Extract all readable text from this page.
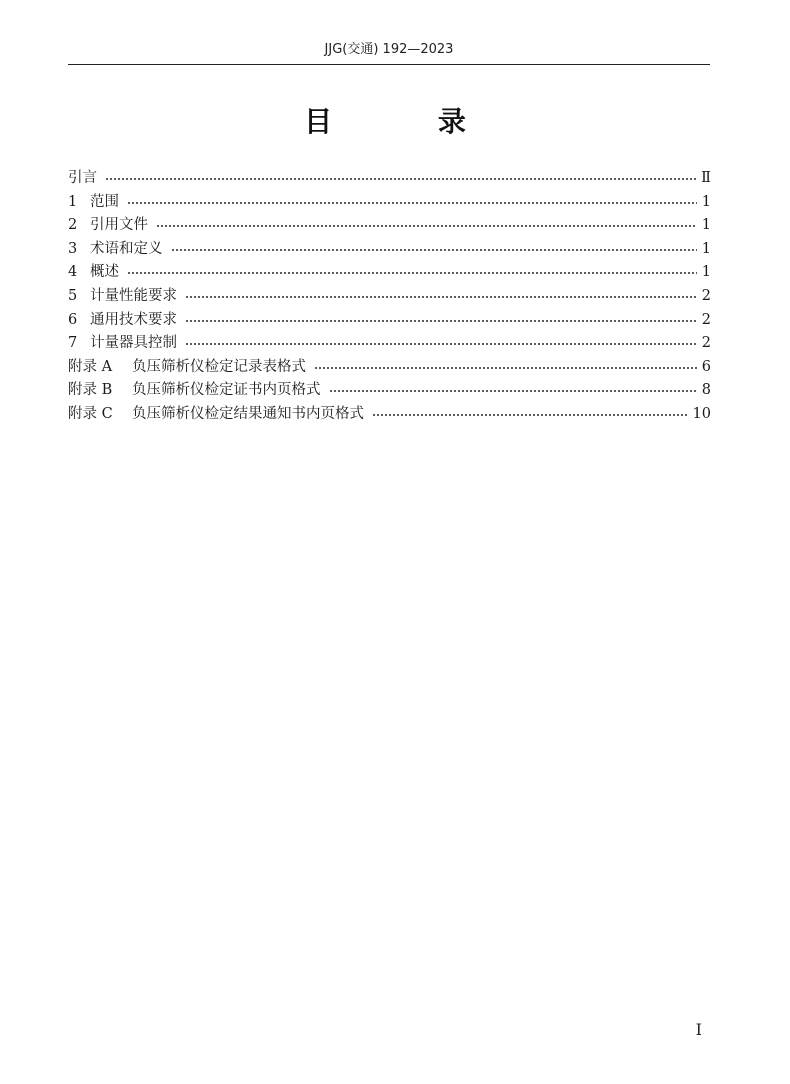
JJG(交通) 192—2023
目 录
引言	Ⅱ
1 范围	1
2 引用文件	1
3 术语和定义	1
4 概述	1
5 计量性能要求	2
6 通用技术要求	2
7 计量器具控制	2
附录 A	负压筛析仪检定记录表格式	6
附录 B	负压筛析仪检定证书内页格式	8
附录 C	负压筛析仪检定结果通知书内页格式	10
Ⅰ
